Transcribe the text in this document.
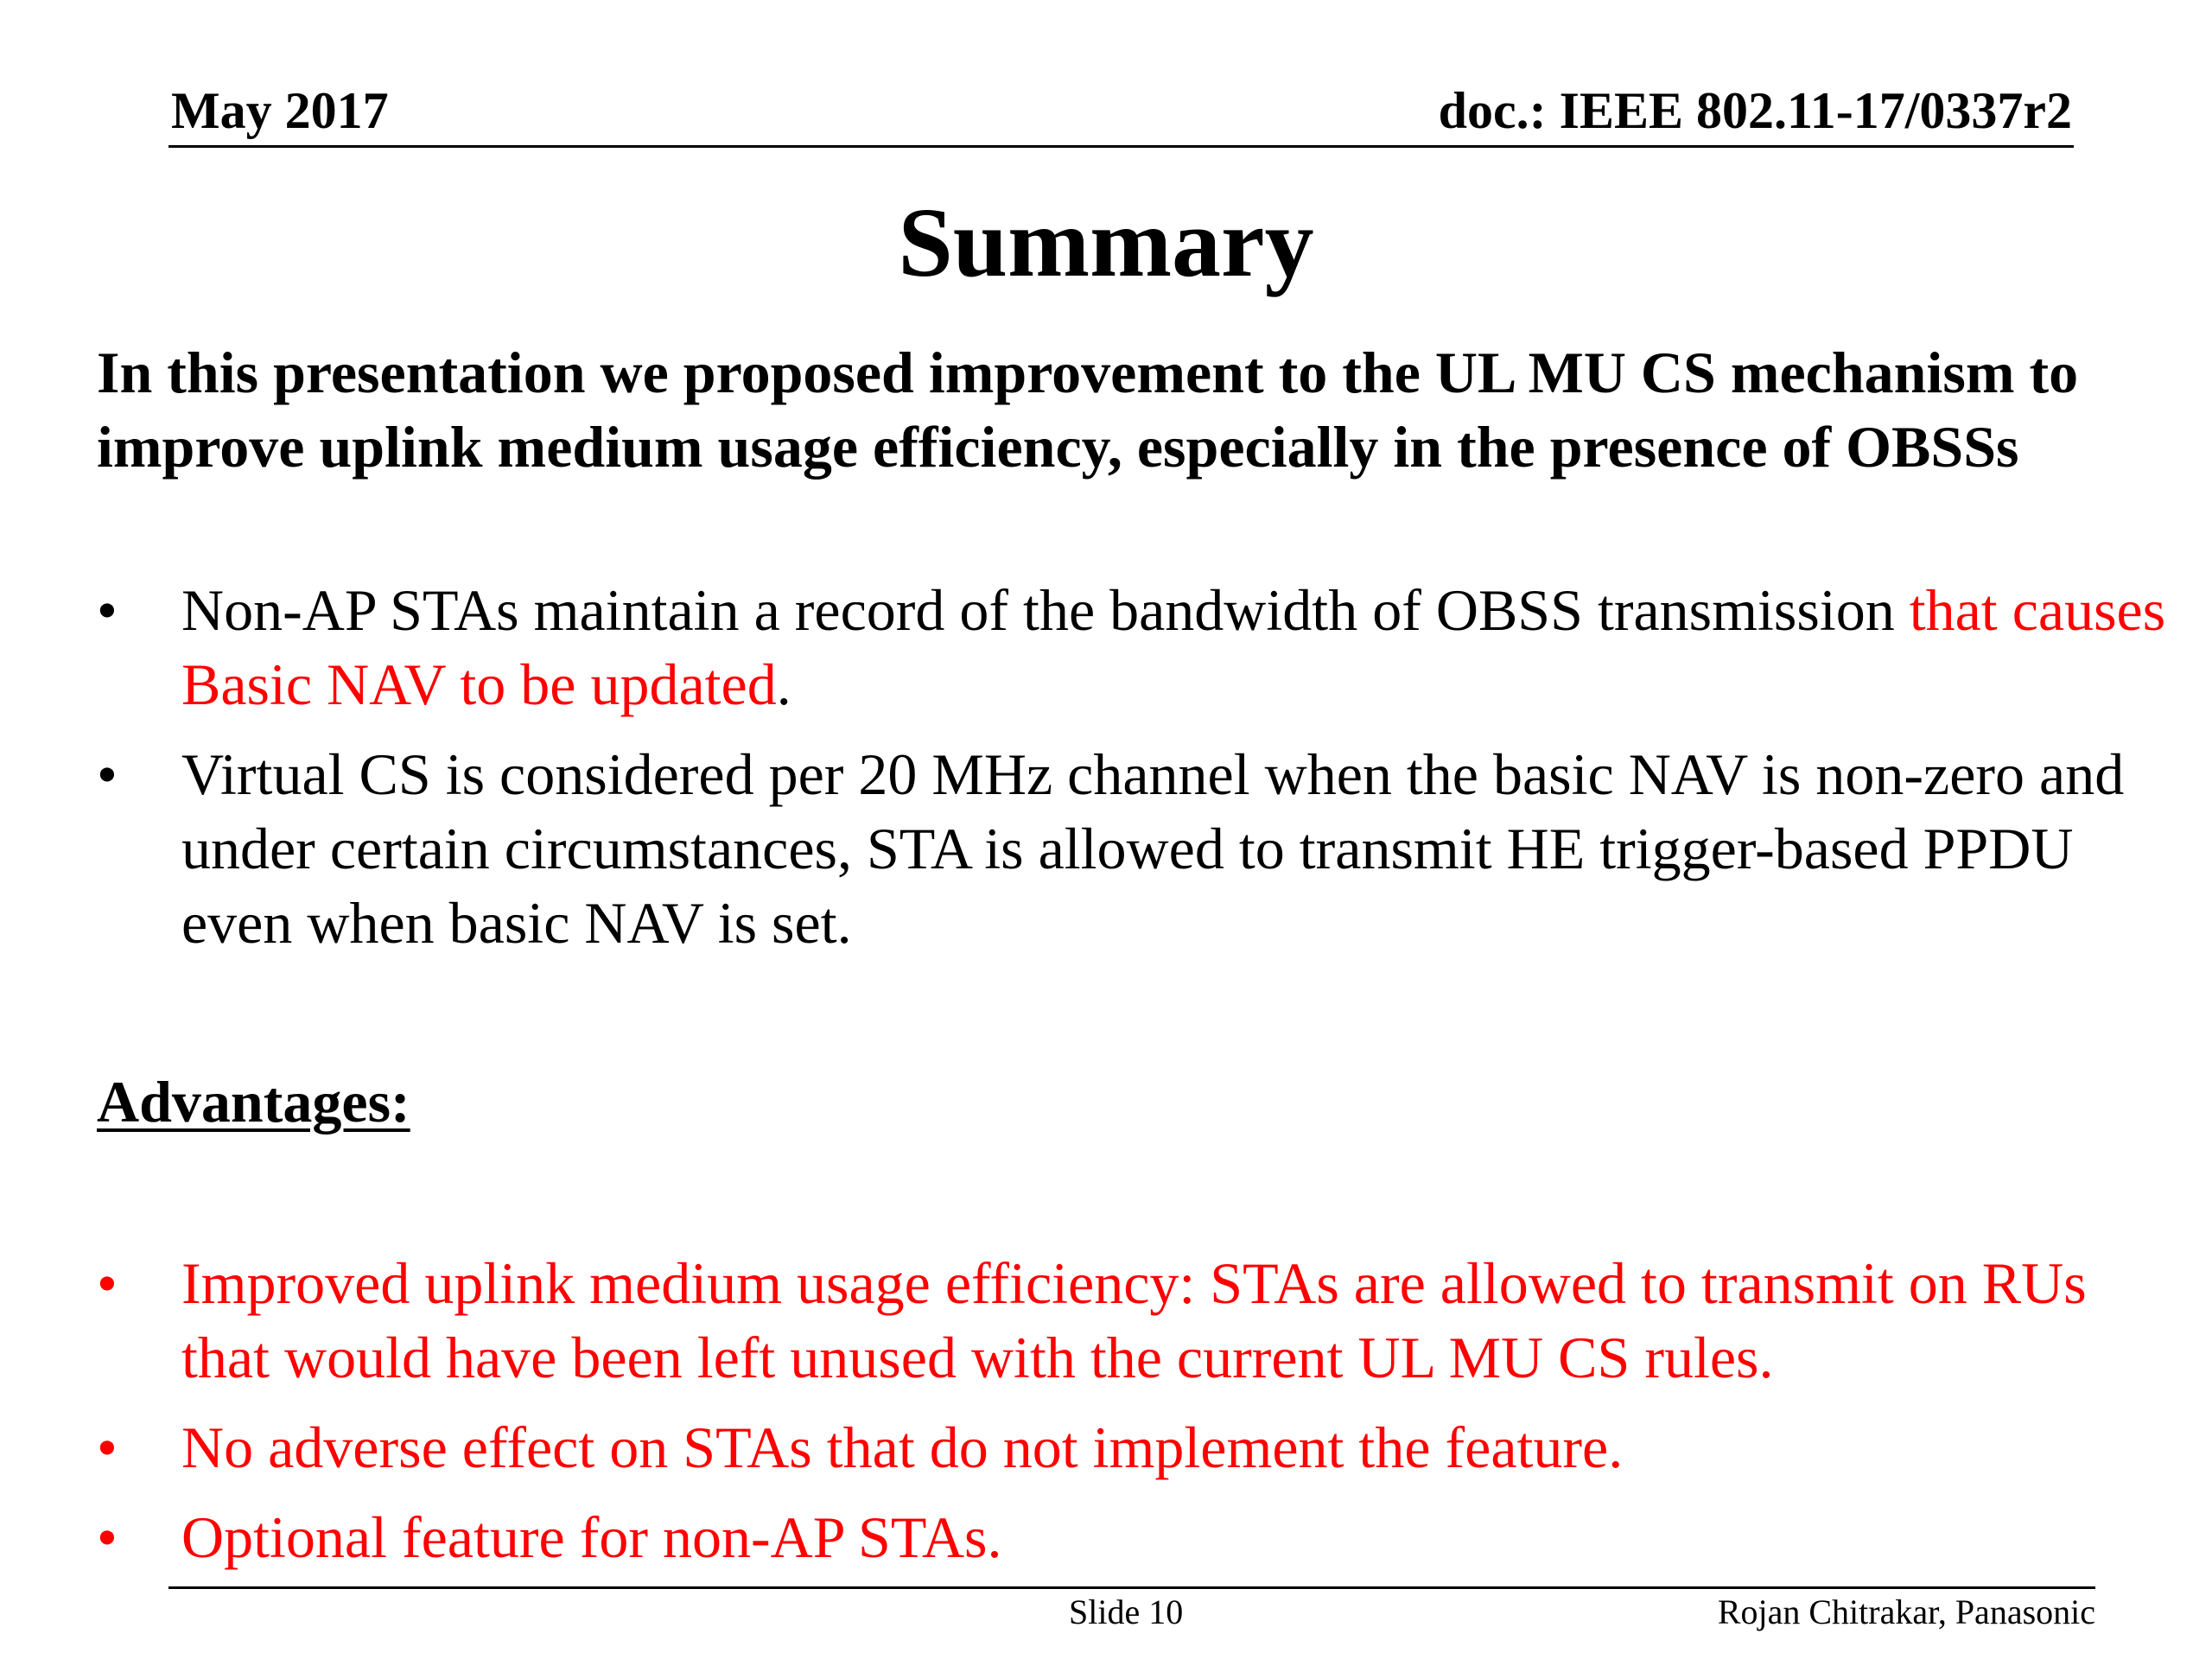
May 2017	doc.: IEEE 802.11-17/0337r2
Summary
In this presentation we proposed improvement to the UL MU CS mechanism to improve uplink medium usage efficiency, especially in the presence of OBSSs
• Non-AP STAs maintain a record of the bandwidth of OBSS transmission that causes Basic NAV to be updated.
• Virtual CS is considered per 20 MHz channel when the basic NAV is non-zero and under certain circumstances, STA is allowed to transmit HE trigger-based PPDU even when basic NAV is set.
Advantages:
• Improved uplink medium usage efficiency: STAs are allowed to transmit on RUs that would have been left unused with the current UL MU CS rules.
• No adverse effect on STAs that do not implement the feature.
• Optional feature for non-AP STAs.
Slide 10	Rojan Chitrakar, Panasonic
